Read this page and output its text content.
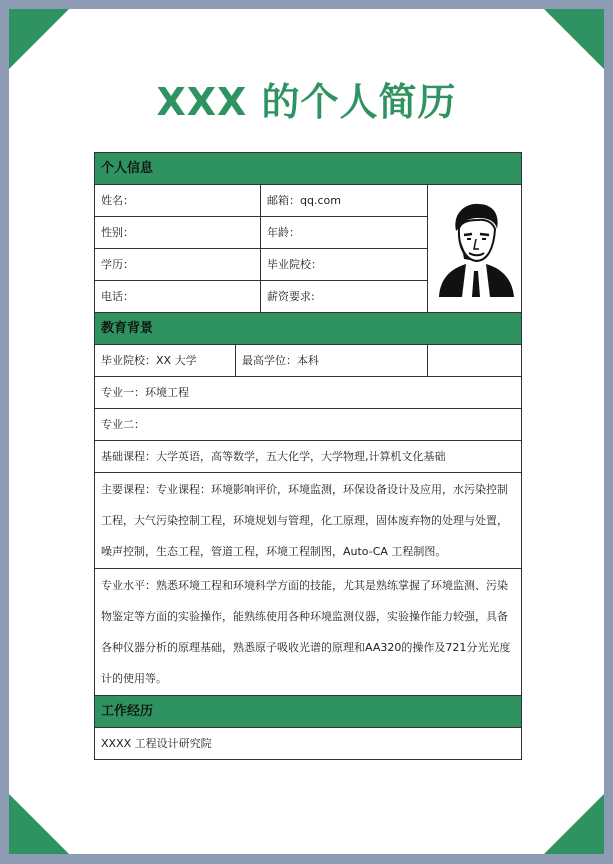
XXX 的个人简历
个人信息			
姓名：		邮箱：qq.com	

性别：		年龄：	
学历：		毕业院校：	
电话：		薪资要求:	
教育背景			
毕业院校：XX 大学	最高学位：本科		
专业一：环境工程			
专业二：			
基础课程：大学英语，高等数学，五大化学，大学物理,计算机文化基础			
主要课程：专业课程：环境影响评价，环境监测，环保设备设计及应用，水污染控制工程，大气污染控制工程，环境规划与管理，化工原理，固体废弃物的处理与处置，噪声控制，生态工程，管道工程，环境工程制图，Auto-CA 工程制图。			
专业水平：熟悉环境工程和环境科学方面的技能，尤其是熟练掌握了环境监测、污染物鉴定等方面的实验操作，能熟练使用各种环境监测仪器，实验操作能力较强，具备各种仪器分析的原理基础，熟悉原子吸收光谱的原理和AA320的操作及721分光光度计的使用等。			
工作经历			
XXXX 工程设计研究院			
